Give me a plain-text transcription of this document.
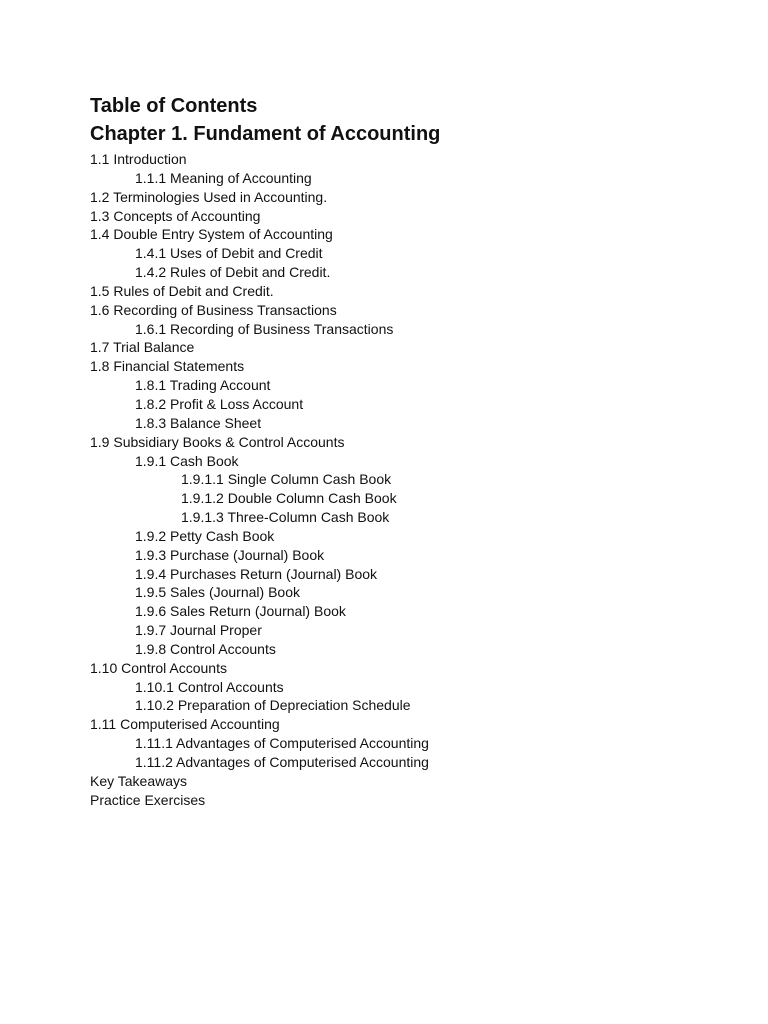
Table of Contents
Chapter 1. Fundament of Accounting
1.1 Introduction
1.1.1 Meaning of Accounting
1.2 Terminologies Used in Accounting.
1.3 Concepts of Accounting
1.4 Double Entry System of Accounting
1.4.1 Uses of Debit and Credit
1.4.2 Rules of Debit and Credit.
1.5 Rules of Debit and Credit.
1.6 Recording of Business Transactions
1.6.1 Recording of Business Transactions
1.7 Trial Balance
1.8 Financial Statements
1.8.1 Trading Account
1.8.2 Profit & Loss Account
1.8.3 Balance Sheet
1.9 Subsidiary Books & Control Accounts
1.9.1 Cash Book
1.9.1.1 Single Column Cash Book
1.9.1.2 Double Column Cash Book
1.9.1.3 Three-Column Cash Book
1.9.2 Petty Cash Book
1.9.3 Purchase (Journal) Book
1.9.4 Purchases Return (Journal) Book
1.9.5 Sales (Journal) Book
1.9.6 Sales Return (Journal) Book
1.9.7 Journal Proper
1.9.8 Control Accounts
1.10 Control Accounts
1.10.1 Control Accounts
1.10.2 Preparation of Depreciation Schedule
1.11 Computerised Accounting
1.11.1 Advantages of Computerised Accounting
1.11.2 Advantages of Computerised Accounting
Key Takeaways
Practice Exercises
